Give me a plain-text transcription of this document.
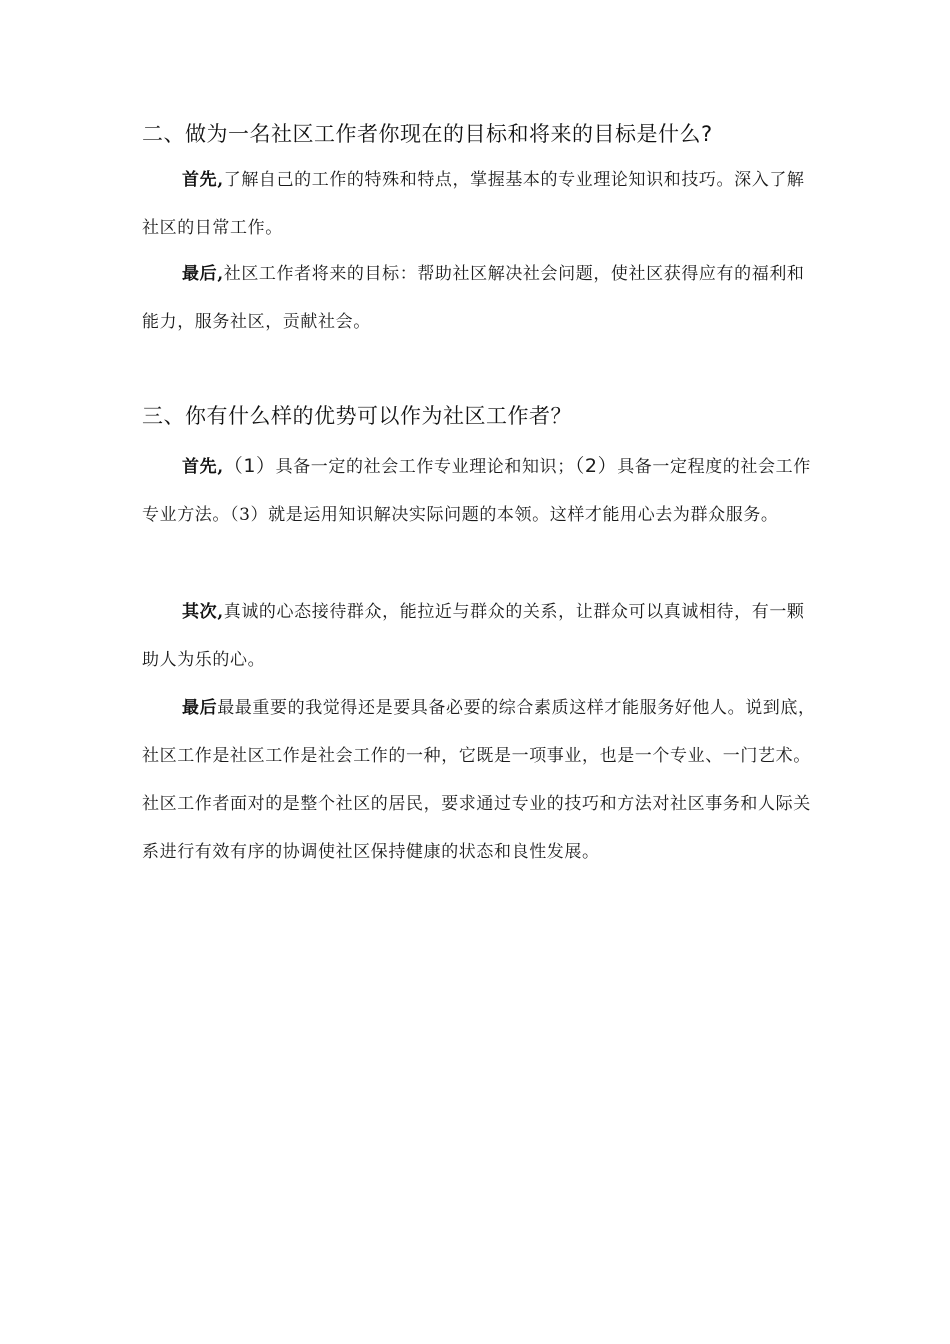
二、做为一名社区工作者你现在的目标和将来的目标是什么?

首先,了解自己的工作的特殊和特点，掌握基本的专业理论知识和技巧。深入了解社区的日常工作。

最后,社区工作者将来的目标：帮助社区解决社会问题，使社区获得应有的福利和能力，服务社区，贡献社会。

三、你有什么样的优势可以作为社区工作者？

首先,（1）具备一定的社会工作专业理论和知识；（2）具备一定程度的社会工作专业方法。（3）就是运用知识解决实际问题的本领。这样才能用心去为群众服务。

其次,真诚的心态接待群众，能拉近与群众的关系，让群众可以真诚相待，有一颗助人为乐的心。

最后最最重要的我觉得还是要具备必要的综合素质这样才能服务好他人。说到底，社区工作是社区工作是社会工作的一种，它既是一项事业，也是一个专业、一门艺术。社区工作者面对的是整个社区的居民，要求通过专业的技巧和方法对社区事务和人际关系进行有效有序的协调使社区保持健康的状态和良性发展。
